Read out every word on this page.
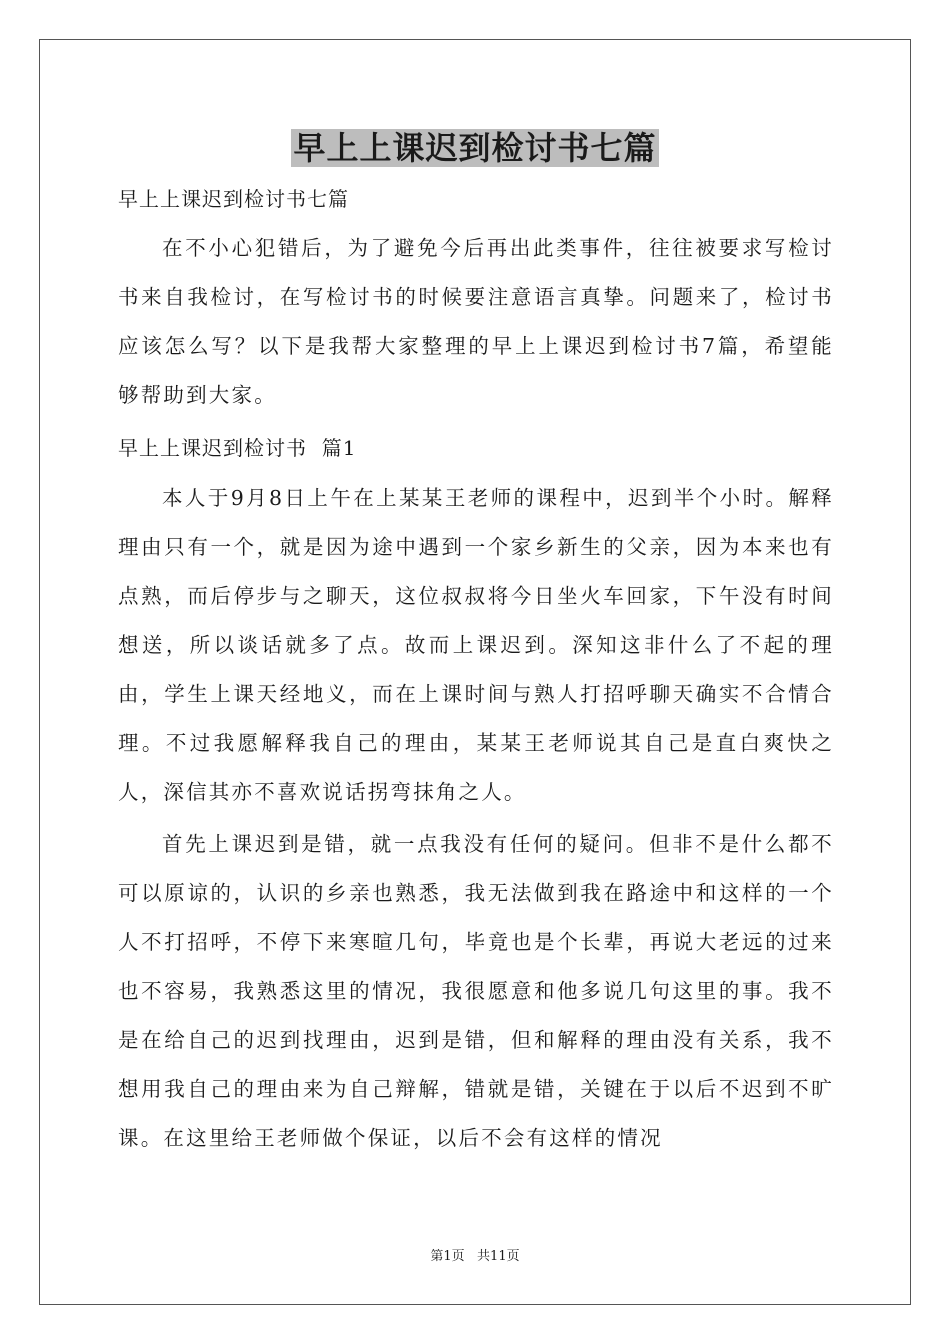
早上上课迟到检讨书七篇
早上上课迟到检讨书七篇
在不小心犯错后，为了避免今后再出此类事件，往往被要求写检讨书来自我检讨，在写检讨书的时候要注意语言真挚。问题来了，检讨书应该怎么写？以下是我帮大家整理的早上上课迟到检讨书7篇，希望能够帮助到大家。
早上上课迟到检讨书  篇1
本人于9月8日上午在上某某王老师的课程中，迟到半个小时。解释理由只有一个，就是因为途中遇到一个家乡新生的父亲，因为本来也有点熟，而后停步与之聊天，这位叔叔将今日坐火车回家，下午没有时间想送，所以谈话就多了点。故而上课迟到。深知这非什么了不起的理由，学生上课天经地义，而在上课时间与熟人打招呼聊天确实不合情合理。不过我愿解释我自己的理由，某某王老师说其自己是直白爽快之人，深信其亦不喜欢说话拐弯抹角之人。
首先上课迟到是错，就一点我没有任何的疑问。但非不是什么都不可以原谅的，认识的乡亲也熟悉，我无法做到我在路途中和这样的一个人不打招呼，不停下来寒暄几句，毕竟也是个长辈，再说大老远的过来也不容易，我熟悉这里的情况，我很愿意和他多说几句这里的事。我不是在给自己的迟到找理由，迟到是错，但和解释的理由没有关系，我不想用我自己的理由来为自己辩解，错就是错，关键在于以后不迟到不旷课。在这里给王老师做个保证，以后不会有这样的情况
第1页   共11页
